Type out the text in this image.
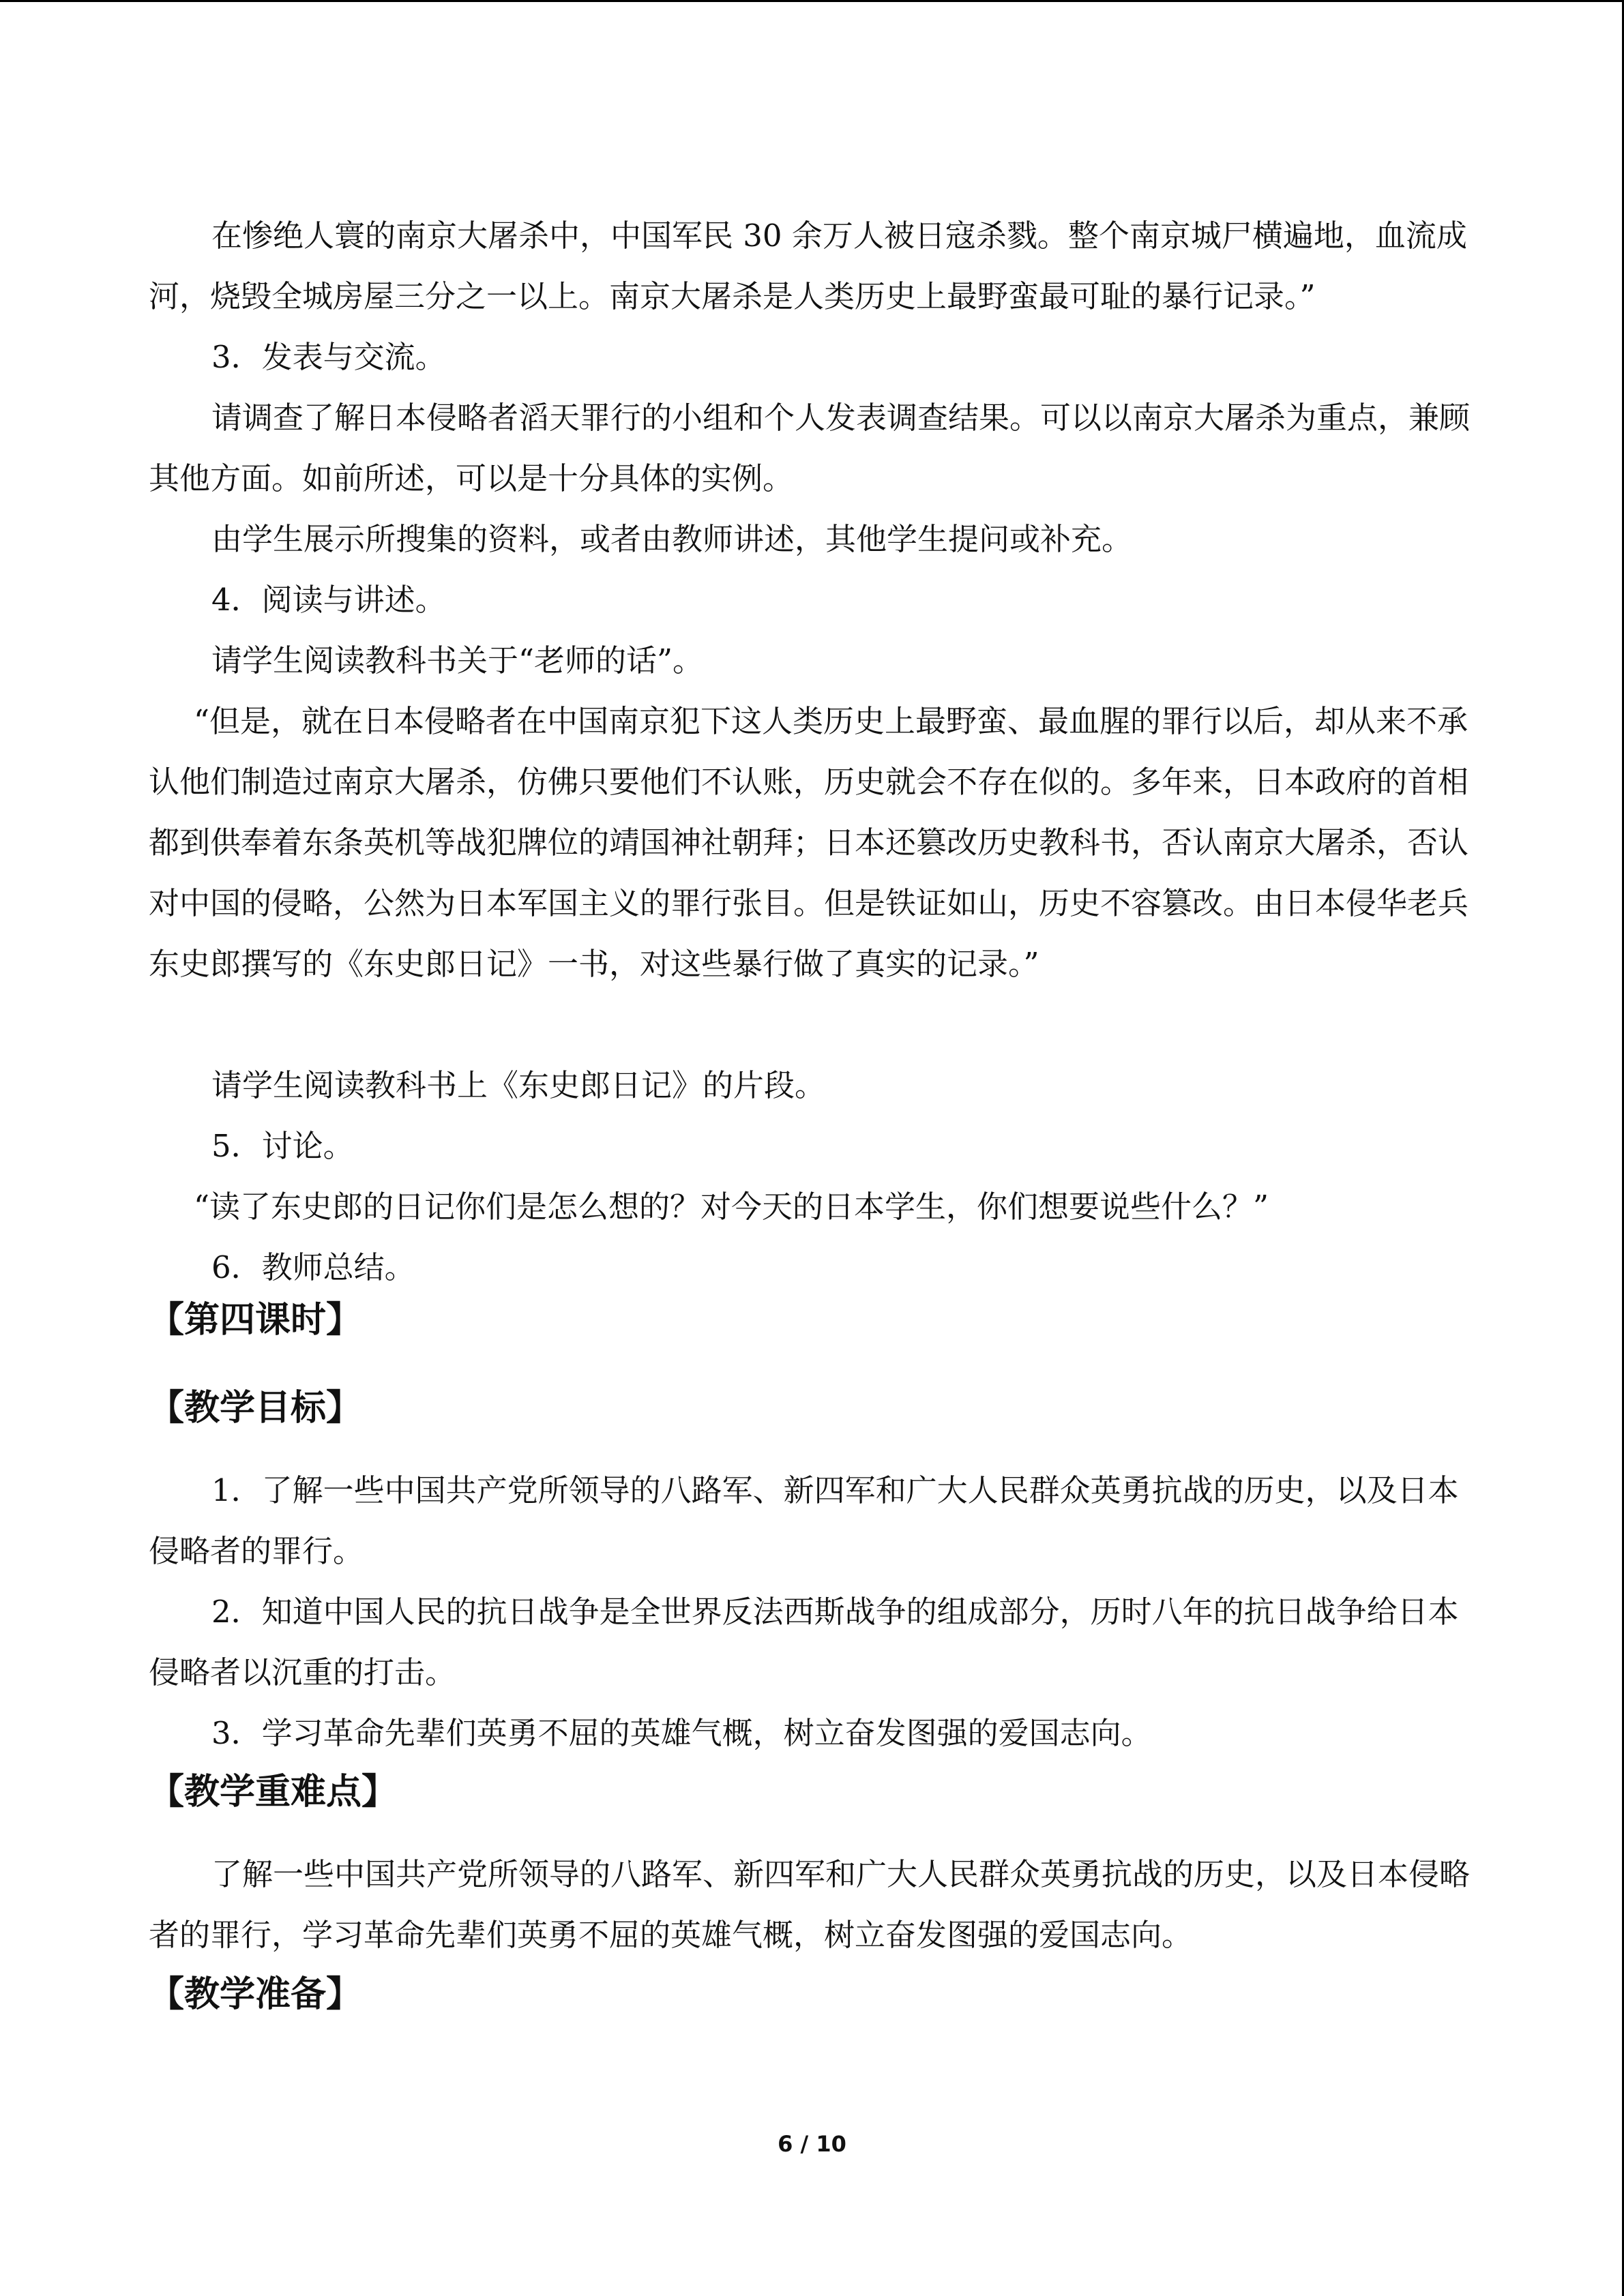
在惨绝人寰的南京大屠杀中，中国军民 30 余万人被日寇杀戮。整个南京城尸横遍地，血流成河，烧毁全城房屋三分之一以上。南京大屠杀是人类历史上最野蛮最可耻的暴行记录。”

3．发表与交流。

请调查了解日本侵略者滔天罪行的小组和个人发表调查结果。可以以南京大屠杀为重点，兼顾其他方面。如前所述，可以是十分具体的实例。

由学生展示所搜集的资料，或者由教师讲述，其他学生提问或补充。

4．阅读与讲述。

请学生阅读教科书关于“老师的话”。

“但是，就在日本侵略者在中国南京犯下这人类历史上最野蛮、最血腥的罪行以后，却从来不承认他们制造过南京大屠杀，仿佛只要他们不认账，历史就会不存在似的。多年来，日本政府的首相都到供奉着东条英机等战犯牌位的靖国神社朝拜；日本还篡改历史教科书，否认南京大屠杀，否认对中国的侵略，公然为日本军国主义的罪行张目。但是铁证如山，历史不容篡改。由日本侵华老兵东史郎撰写的《东史郎日记》一书，对这些暴行做了真实的记录。”

请学生阅读教科书上《东史郎日记》的片段。

5．讨论。

“读了东史郎的日记你们是怎么想的？对今天的日本学生，你们想要说些什么？”

6．教师总结。

【第四课时】
【教学目标】

1．了解一些中国共产党所领导的八路军、新四军和广大人民群众英勇抗战的历史，以及日本侵略者的罪行。

2．知道中国人民的抗日战争是全世界反法西斯战争的组成部分，历时八年的抗日战争给日本侵略者以沉重的打击。

3．学习革命先辈们英勇不屈的英雄气概，树立奋发图强的爱国志向。

【教学重难点】

了解一些中国共产党所领导的八路军、新四军和广大人民群众英勇抗战的历史，以及日本侵略者的罪行，学习革命先辈们英勇不屈的英雄气概，树立奋发图强的爱国志向。

【教学准备】
6 / 10
